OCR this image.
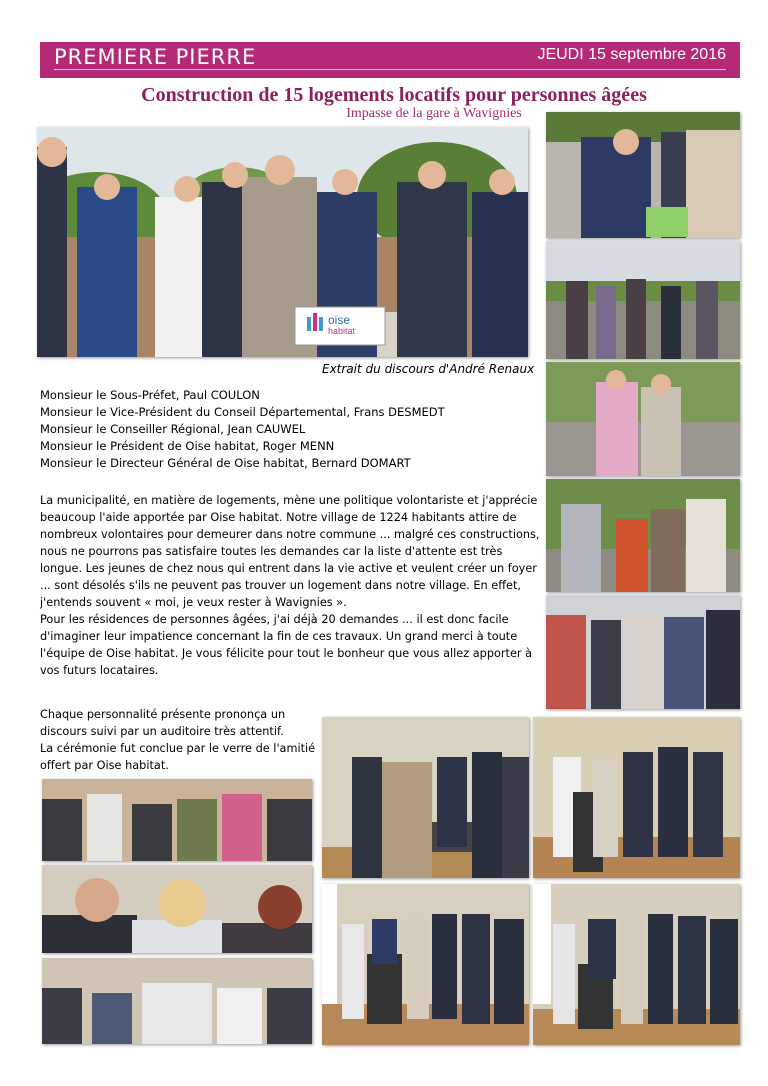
PREMIERE PIERRE	JEUDI 15 septembre 2016
Construction de 15 logements locatifs pour personnes âgées
Impasse de la gare à Wavignies
oise
habitat
Extrait du discours d'André Renaux
Monsieur le Sous-Préfet, Paul COULON
Monsieur le Vice-Président du Conseil Départemental, Frans DESMEDT
Monsieur le Conseiller Régional, Jean CAUWEL
Monsieur le Président de Oise habitat, Roger MENN
Monsieur le Directeur Général de Oise habitat, Bernard DOMART

La municipalité, en matière de logements, mène une politique volontariste et j'apprécie beaucoup l'aide apportée par Oise habitat. Notre village de 1224 habitants attire de nombreux volontaires pour demeurer dans notre commune ... malgré ces constructions, nous ne pourrons pas satisfaire toutes les demandes car la liste d'attente est très longue. Les jeunes de chez nous qui entrent dans la vie active et veulent créer un foyer ... sont désolés s'ils ne peuvent pas trouver un logement dans notre village. En effet, j'entends souvent « moi, je veux rester à Wavignies ».

Pour les résidences de personnes âgées, j'ai déjà 20 demandes ... il est donc facile d'imaginer leur impatience concernant la fin de ces travaux. Un grand merci à toute l'équipe de Oise habitat. Je vous félicite pour tout le bonheur que vous allez apporter à vos futurs locataires.

Chaque personnalité présente prononça un
discours suivi par un auditoire très attentif.
La cérémonie fut conclue par le verre de l'amitié
offert par Oise habitat.
